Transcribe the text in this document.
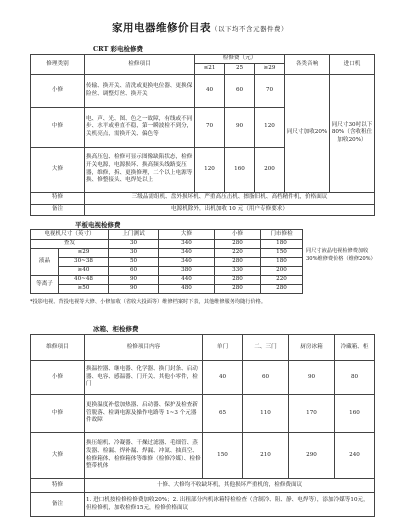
家用电器维修价目表（以下均不含元器件费）
CRT 彩电检修费
修理类别	检修项目	检修费（元）			各类音响	进口机
		≤21	25	≥29		
小修	传输、换开关、清洗或更换电位器、更换保险丝、调整灯丝、换开关	40	60	70	同尺寸加收20%	同尺寸30吋以下80%（含收租仕加收20%）
中修	电、声、光、图、色之一故障，有线或不同步、水平或垂直不稳，第一瞬波检不到分，关机亮点，需换开关、偏色等	70	90	120		
大修	换高压包、检修可显示图像缺陷状态，检修开关电源，电源损坏、换高频头线路变压器，维修，拆、更换修理，二个以上电源等换、修整接头、电焊处以上	120	160	200		
特修	三级品需组机、盘外损坏机、严重高压击机、擦脂旧机、高档精件机，价格面议					
备注	电源机除外，出机加收 10 元（用户专修要求）					
平板电视检修费
电视机尺寸（英寸）		上门测试	大修	小修	门市修检
查发		30	340	280	180
液晶	≤29	30	340	220	150
	30~38	50	340	280	180
	≥40	60	380	330	200
等离子	40~48	90	440	280	220
	≥50	90	480	280	280
同尺寸液晶电视检修费加收30%维修费价格（维修20%）
*投影电视、背投电视等大修、小修加收（省收大投面等）维修档案时下表，其他维修服务均随行价格。
冰箱、柜检修费
维修项目	检修项目内容	单门	二、三门	厨房冰箱	冷藏箱、柜
小修	换温控器、继电器、化学器、换门封条、启动器、电容、感温器、门开关、其他小零件，检门	40	60	90	80
中修	更换温度补偿加热器、启动器、保护及检查新管脱落、检调电源及操作电路等 1~3 个元器件故障	65	110	170	160
大修	换压缩机、冷凝器、干燥过滤器、毛细管、蒸发器、检漏、焊补漏、焊漏、冲氮、抽真空、检修箱体、检修箱体等维修（检修冷媒）、检修整带机体	150	210	290	240
特修	十修、大修均不收缺坏机，其他损坏严重机的，检修费面议				
备注	1. 进口机按检修检修费加收20%；2. 出租部分内机冰箱特检检查（含制冷、阻、静、电焊等），添加冷媒等10元，但检修机，加收检修15元，检修价格面议				
